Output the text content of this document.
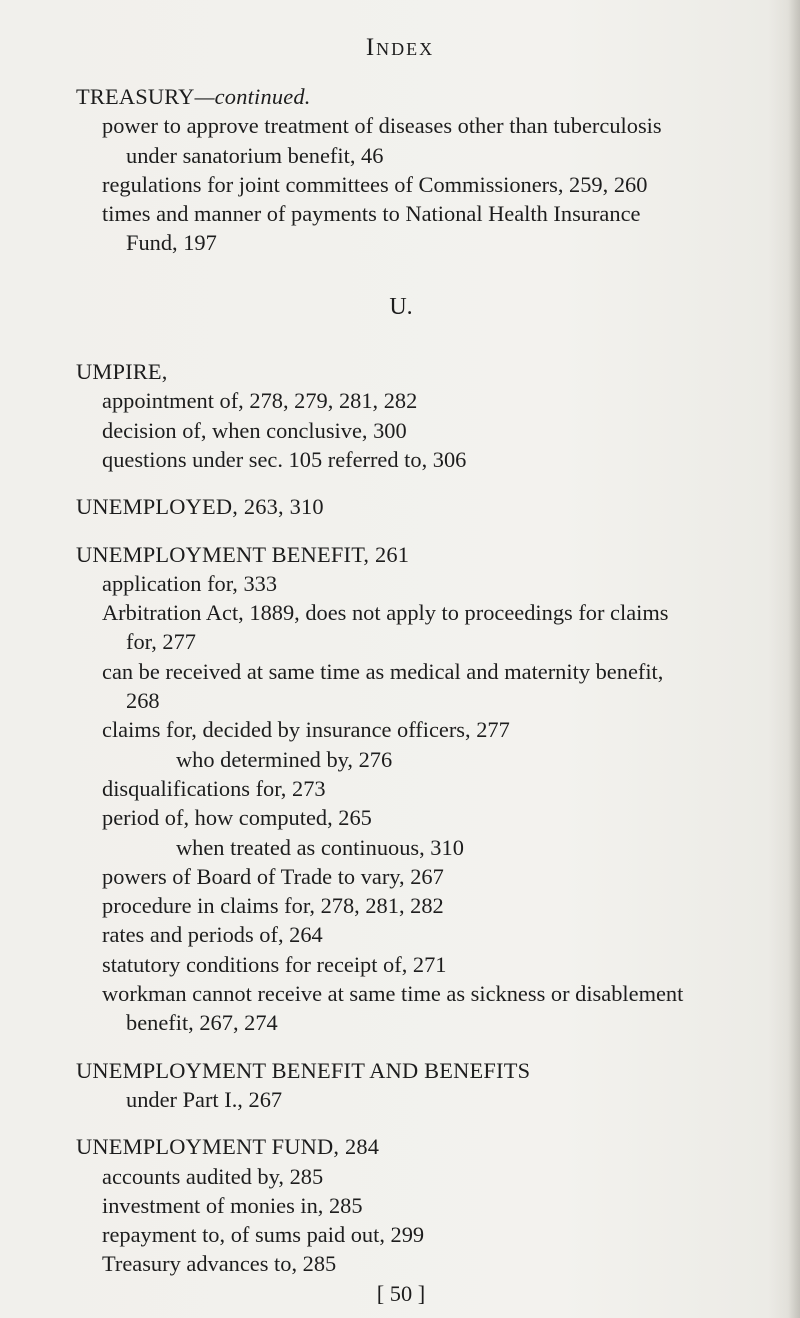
Index
TREASURY—continued.
power to approve treatment of diseases other than tuberculosis
under sanatorium benefit, 46
regulations for joint committees of Commissioners, 259, 260
times and manner of payments to National Health Insurance
Fund, 197
U.
UMPIRE,
appointment of, 278, 279, 281, 282
decision of, when conclusive, 300
questions under sec. 105 referred to, 306
UNEMPLOYED, 263, 310
UNEMPLOYMENT BENEFIT, 261
application for, 333
Arbitration Act, 1889, does not apply to proceedings for claims
for, 277
can be received at same time as medical and maternity benefit,
268
claims for, decided by insurance officers, 277
who determined by, 276
disqualifications for, 273
period of, how computed, 265
when treated as continuous, 310
powers of Board of Trade to vary, 267
procedure in claims for, 278, 281, 282
rates and periods of, 264
statutory conditions for receipt of, 271
workman cannot receive at same time as sickness or disablement
benefit, 267, 274
UNEMPLOYMENT BENEFIT AND BENEFITS
under Part I., 267
UNEMPLOYMENT FUND, 284
accounts audited by, 285
investment of monies in, 285
repayment to, of sums paid out, 299
Treasury advances to, 285
[ 50 ]
